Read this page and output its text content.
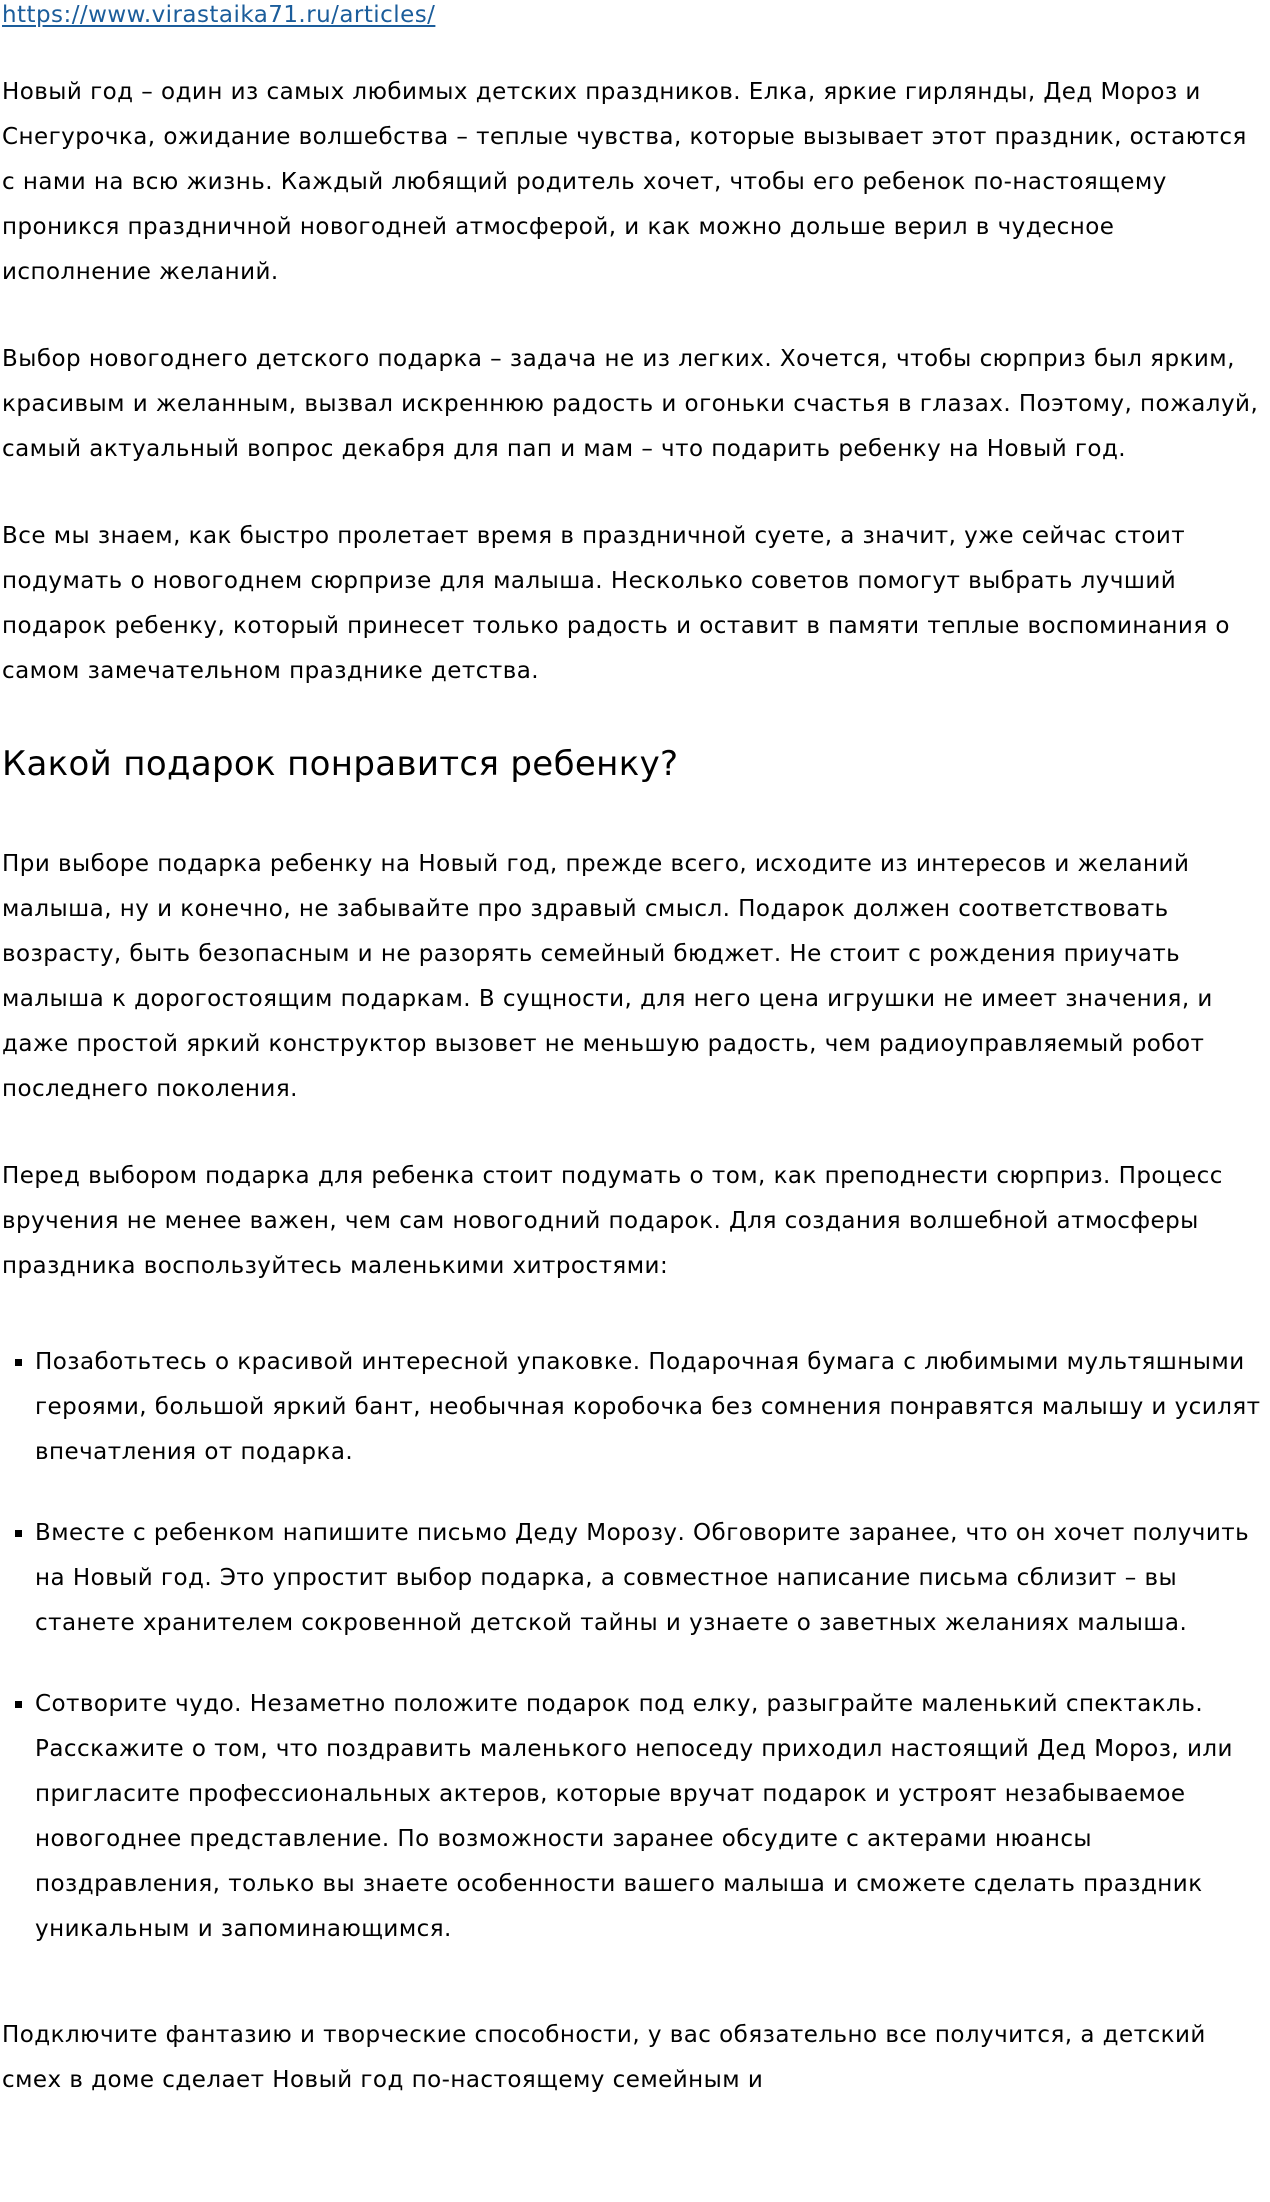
https://www.virastaika71.ru/articles/

Новый год – один из самых любимых детских праздников. Елка, яркие гирлянды, Дед Мороз и Снегурочка, ожидание волшебства – теплые чувства, которые вызывает этот праздник, остаются с нами на всю жизнь. Каждый любящий родитель хочет, чтобы его ребенок по-настоящему проникся праздничной новогодней атмосферой, и как можно дольше верил в чудесное исполнение желаний.

Выбор новогоднего детского подарка – задача не из легких. Хочется, чтобы сюрприз был ярким, красивым и желанным, вызвал искреннюю радость и огоньки счастья в глазах. Поэтому, пожалуй, самый актуальный вопрос декабря для пап и мам – что подарить ребенку на Новый год.

Все мы знаем, как быстро пролетает время в праздничной суете, а значит, уже сейчас стоит подумать о новогоднем сюрпризе для малыша. Несколько советов помогут выбрать лучший подарок ребенку, который принесет только радость и оставит в памяти теплые воспоминания о самом замечательном празднике детства.

Какой подарок понравится ребенку?

При выборе подарка ребенку на Новый год, прежде всего, исходите из интересов и желаний малыша, ну и конечно, не забывайте про здравый смысл. Подарок должен соответствовать возрасту, быть безопасным и не разорять семейный бюджет. Не стоит с рождения приучать малыша к дорогостоящим подаркам. В сущности, для него цена игрушки не имеет значения, и даже простой яркий конструктор вызовет не меньшую радость, чем радиоуправляемый робот последнего поколения.

Перед выбором подарка для ребенка стоит подумать о том, как преподнести сюрприз. Процесс вручения не менее важен, чем сам новогодний подарок. Для создания волшебной атмосферы праздника воспользуйтесь маленькими хитростями:

▪ Позаботьтесь о красивой интересной упаковке. Подарочная бумага с любимыми мультяшными героями, большой яркий бант, необычная коробочка без сомнения понравятся малышу и усилят впечатления от подарка.
▪ Вместе с ребенком напишите письмо Деду Морозу. Обговорите заранее, что он хочет получить на Новый год. Это упростит выбор подарка, а совместное написание письма сблизит – вы станете хранителем сокровенной детской тайны и узнаете о заветных желаниях малыша.
▪ Сотворите чудо. Незаметно положите подарок под елку, разыграйте маленький спектакль. Расскажите о том, что поздравить маленького непоседу приходил настоящий Дед Мороз, или пригласите профессиональных актеров, которые вручат подарок и устроят незабываемое новогоднее представление. По возможности заранее обсудите с актерами нюансы поздравления, только вы знаете особенности вашего малыша и сможете сделать праздник уникальным и запоминающимся.

Подключите фантазию и творческие способности, у вас обязательно все получится, а детский смех в доме сделает Новый год по-настоящему семейным и
